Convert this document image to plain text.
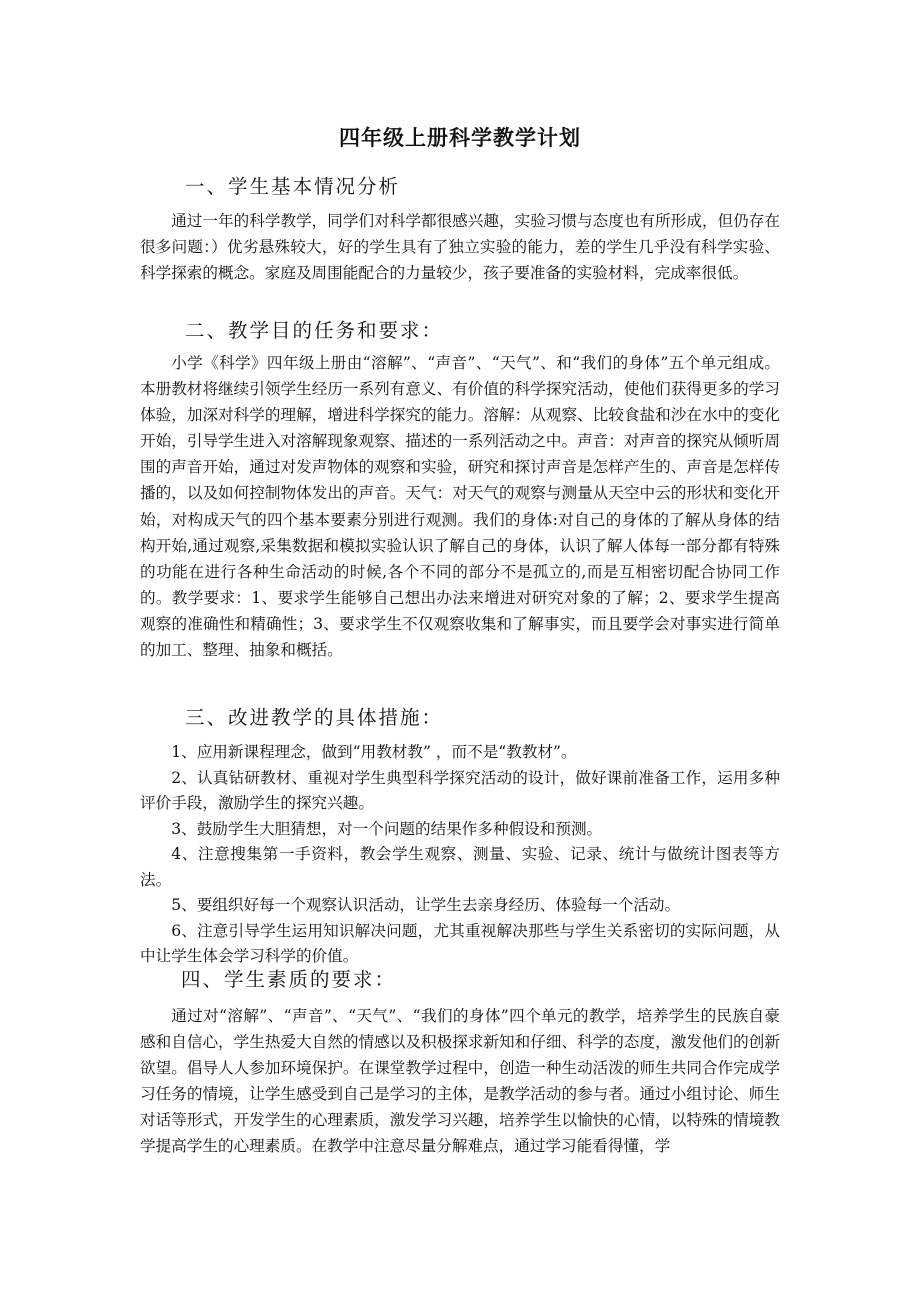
四年级上册科学教学计划
一、学生基本情况分析

通过一年的科学教学，同学们对科学都很感兴趣，实验习惯与态度也有所形成，但仍存在很多问题：）优劣悬殊较大，好的学生具有了独立实验的能力，差的学生几乎没有科学实验、科学探索的概念。家庭及周围能配合的力量较少，孩子要准备的实验材料，完成率很低。

二、教学目的任务和要求：

小学《科学》四年级上册由“溶解”、“声音”、“天气”、和“我们的身体”五个单元组成。本册教材将继续引领学生经历一系列有意义、有价值的科学探究活动，使他们获得更多的学习体验，加深对科学的理解，增进科学探究的能力。溶解：从观察、比较食盐和沙在水中的变化开始，引导学生进入对溶解现象观察、描述的一系列活动之中。声音：对声音的探究从倾听周围的声音开始，通过对发声物体的观察和实验，研究和探讨声音是怎样产生的、声音是怎样传播的，以及如何控制物体发出的声音。天气：对天气的观察与测量从天空中云的形状和变化开始，对构成天气的四个基本要素分别进行观测。我们的身体:对自己的身体的了解从身体的结构开始,通过观察,采集数据和模拟实验认识了解自己的身体，认识了解人体每一部分都有特殊的功能在进行各种生命活动的时候,各个不同的部分不是孤立的,而是互相密切配合协同工作的。教学要求：1、要求学生能够自己想出办法来增进对研究对象的了解；2、要求学生提高观察的准确性和精确性；3、要求学生不仅观察收集和了解事实，而且要学会对事实进行简单的加工、整理、抽象和概括。

三、改进教学的具体措施：

1、应用新课程理念，做到“用教材教” ，而不是“教教材”。

2、认真钻研教材、重视对学生典型科学探究活动的设计，做好课前准备工作，运用多种评价手段，激励学生的探究兴趣。

3、鼓励学生大胆猜想，对一个问题的结果作多种假设和预测。

4、注意搜集第一手资料，教会学生观察、测量、实验、记录、统计与做统计图表等方法。

5、要组织好每一个观察认识活动，让学生去亲身经历、体验每一个活动。

6、注意引导学生运用知识解决问题，尤其重视解决那些与学生关系密切的实际问题，从中让学生体会学习科学的价值。

四、学生素质的要求：

通过对“溶解”、“声音”、“天气”、“我们的身体”四个单元的教学，培养学生的民族自豪感和自信心，学生热爱大自然的情感以及积极探求新知和仔细、科学的态度，激发他们的创新欲望。倡导人人参加环境保护。在课堂教学过程中，创造一种生动活泼的师生共同合作完成学习任务的情境，让学生感受到自己是学习的主体，是教学活动的参与者。通过小组讨论、师生对话等形式，开发学生的心理素质，激发学习兴趣，培养学生以愉快的心情，以特殊的情境教学提高学生的心理素质。在教学中注意尽量分解难点，通过学习能看得懂，学
